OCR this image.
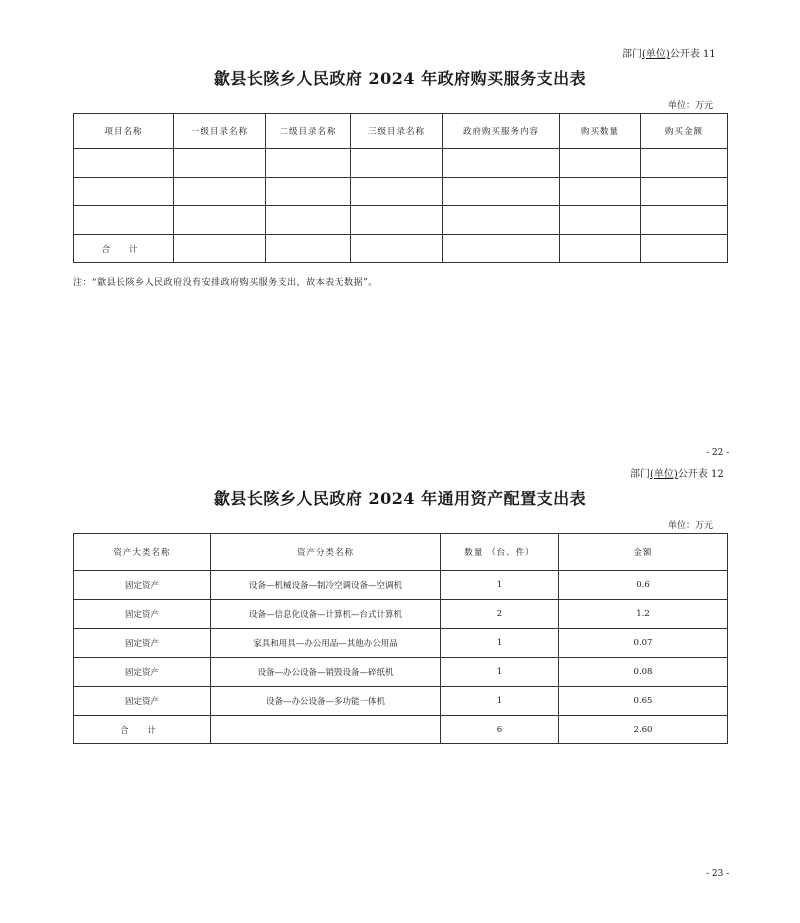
部门(单位)公开表 11
歙县长陔乡人民政府 2024 年政府购买服务支出表
单位：万元
项目名称	一级目录名称	二级目录名称	三级目录名称	政府购买服务内容	购买数量	购买金额

合 计						
注：“歙县长陔乡人民政府没有安排政府购买服务支出，故本表无数据”。
- 22 -
部门(单位)公开表 12
歙县长陔乡人民政府 2024 年通用资产配置支出表
单位：万元
资产大类名称	资产分类名称	数量 （台、件）	金额
固定资产	设备—机械设备—制冷空调设备—空调机	1	0.6
固定资产	设备—信息化设备—计算机—台式计算机	2	1.2
固定资产	家具和用具—办公用品—其他办公用品	1	0.07
固定资产	设备—办公设备—销毁设备—碎纸机	1	0.08
固定资产	设备—办公设备—多功能一体机	1	0.65
合 计		6	2.60
- 23 -
